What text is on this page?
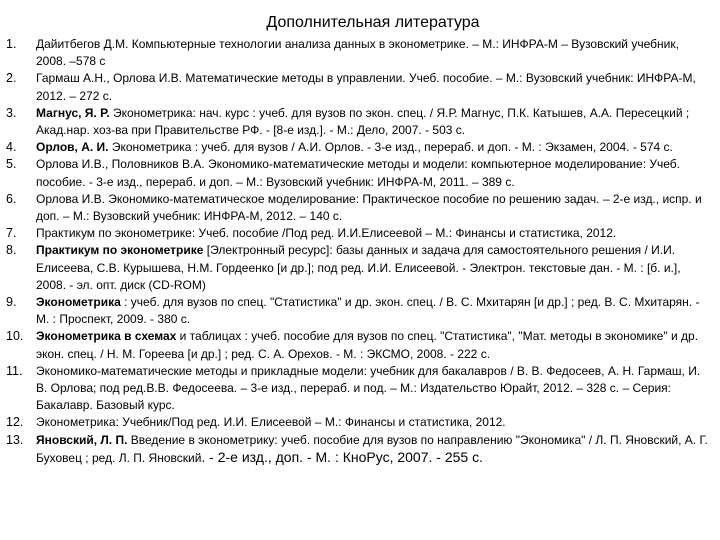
Дополнительная литература
1.	Дайитбегов Д.М. Компьютерные технологии анализа данных в эконометрике. – М.: ИНФРА-М – Вузовский учебник, 2008. –578 с
2.	Гармаш А.Н., Орлова И.В. Математические методы в управлении. Учеб. пособие. – М.: Вузовский учебник: ИНФРА-М, 2012. – 272 с.
3.	Магнус, Я. Р. Эконометрика: нач. курс : учеб. для вузов по экон. спец. / Я.Р. Магнус, П.К. Катышев, А.А. Пересецкий ; Акад.нар. хоз-ва при Правительстве РФ. - [8-е изд.]. - М.: Дело, 2007. - 503 с.
4.	Орлов, А. И. Эконометрика : учеб. для вузов / А.И. Орлов. - 3-е изд., перераб. и доп. - М. : Экзамен, 2004. - 574 с.
5.	Орлова И.В., Половников В.А. Экономико-математические методы и модели: компьютерное моделирование: Учеб. пособие. - 3-е изд., перераб. и доп. – М.: Вузовский учебник: ИНФРА-М, 2011. – 389 с.
6.	Орлова И.В. Экономико-математическое моделирование: Практическое пособие по решению задач. – 2-е изд., испр. и доп. – М.: Вузовский учебник: ИНФРА-М, 2012. – 140 с.
7.	Практикум по эконометрике: Учеб. пособие /Под ред. И.И.Елисеевой – М.: Финансы и статистика, 2012.
8.	Практикум по эконометрике [Электронный ресурс]: базы данных и задача для самостоятельного решения / И.И. Елисеева, С.В. Курышева, Н.М. Гордеенко [и др.]; под ред. И.И. Елисеевой. - Электрон. текстовые дан. - М. : [б. и.], 2008. - эл. опт. диск (CD-ROM)
9.	Эконометрика : учеб. для вузов по спец. "Статистика" и др. экон. спец. / В. С. Мхитарян [и др.] ; ред. В. С. Мхитарян. - М. : Проспект, 2009. - 380 с.
10.	Эконометрика в схемах и таблицах : учеб. пособие для вузов по спец. "Статистика", "Мат. методы в экономике" и др. экон. спец. / Н. М. Гореева [и др.] ; ред. С. А. Орехов. - М. : ЭКСМО, 2008. - 222 с.
11.	Экономико-математические методы и прикладные модели: учебник для бакалавров / В. В. Федосеев, А. Н. Гармаш, И. В. Орлова; под ред.В.В. Федосеева. – 3-е изд., перераб. и под. – М.: Издательство Юрайт, 2012. – 328 с. – Серия: Бакалавр. Базовый курс.
12.	Эконометрика: Учебник/Под ред. И.И. Елисеевой – М.: Финансы и статистика, 2012.
13.	Яновский, Л. П. Введение в эконометрику: учеб. пособие для вузов по направлению "Экономика" / Л. П. Яновский, А. Г. Буховец ; ред. Л. П. Яновский. - 2-е изд., доп. - М. : КноРус, 2007. - 255 с.
